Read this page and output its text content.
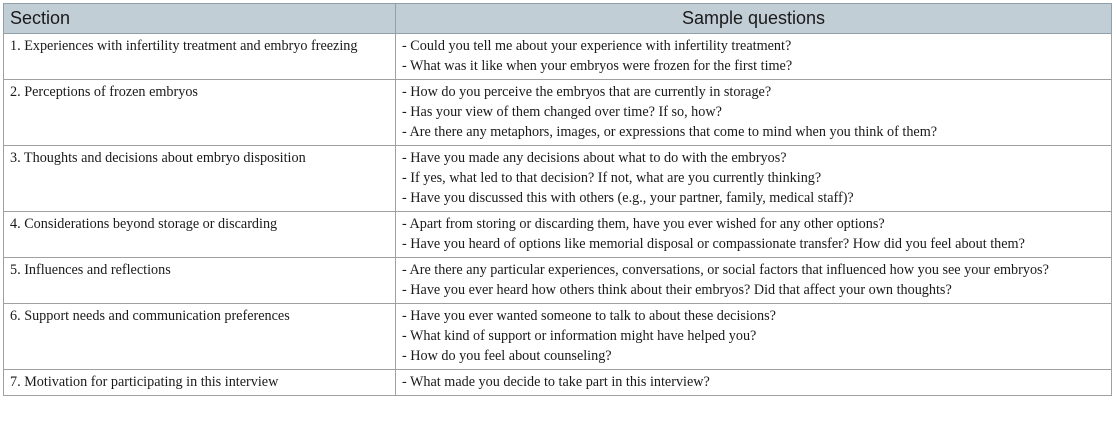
Section	Sample questions
1. Experiences with infertility treatment and embryo freezing	- Could you tell me about your experience with infertility treatment?
- What was it like when your embryos were frozen for the first time?

2. Perceptions of frozen embryos	- How do you perceive the embryos that are currently in storage?
- Has your view of them changed over time? If so, how?
- Are there any metaphors, images, or expressions that come to mind when you think of them?

3. Thoughts and decisions about embryo disposition	- Have you made any decisions about what to do with the embryos?
- If yes, what led to that decision? If not, what are you currently thinking?
- Have you discussed this with others (e.g., your partner, family, medical staff)?

4. Considerations beyond storage or discarding	- Apart from storing or discarding them, have you ever wished for any other options?
- Have you heard of options like memorial disposal or compassionate transfer? How did you feel about them?

5. Influences and reflections	- Are there any particular experiences, conversations, or social factors that influenced how you see your embryos?
- Have you ever heard how others think about their embryos? Did that affect your own thoughts?

6. Support needs and communication preferences	- Have you ever wanted someone to talk to about these decisions?
- What kind of support or information might have helped you?
- How do you feel about counseling?

7. Motivation for participating in this interview	- What made you decide to take part in this interview?
